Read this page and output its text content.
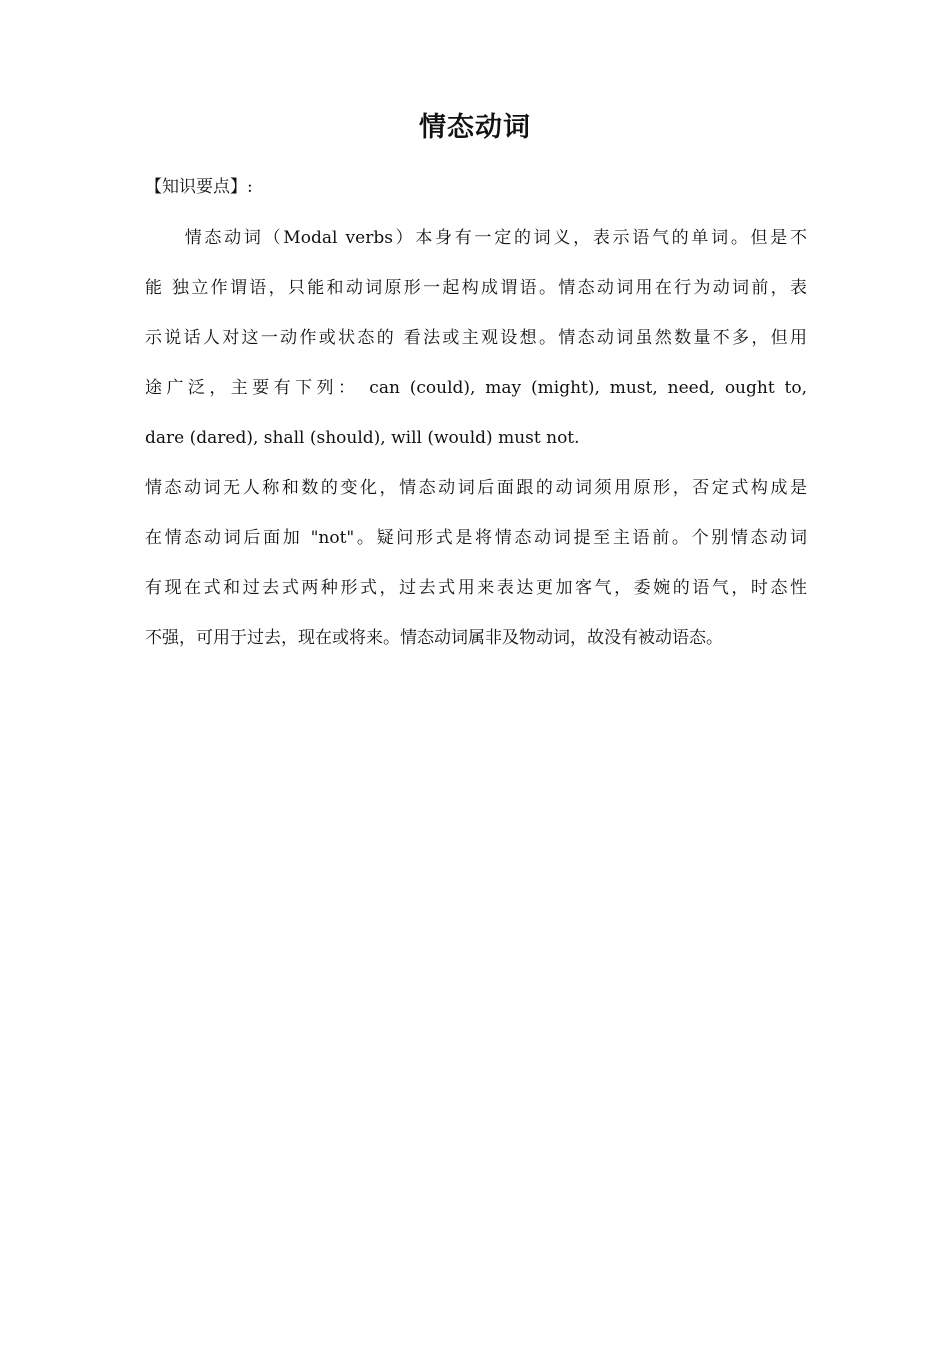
情态动词
【知识要点】:
情态动词（Modal verbs）本身有一定的词义，表示语气的单词。但是不
能 独立作谓语，只能和动词原形一起构成谓语。情态动词用在行为动词前，表
示说话人对这一动作或状态的 看法或主观设想。情态动词虽然数量不多，但用
途广泛，主要有下列： can (could), may (might), must, need, ought to,
dare (dared), shall (should), will (would) must not.
情态动词无人称和数的变化，情态动词后面跟的动词须用原形，否定式构成是
在情态动词后面加 "not"。疑问形式是将情态动词提至主语前。个别情态动词
有现在式和过去式两种形式，过去式用来表达更加客气，委婉的语气，时态性
不强，可用于过去，现在或将来。情态动词属非及物动词，故没有被动语态。
